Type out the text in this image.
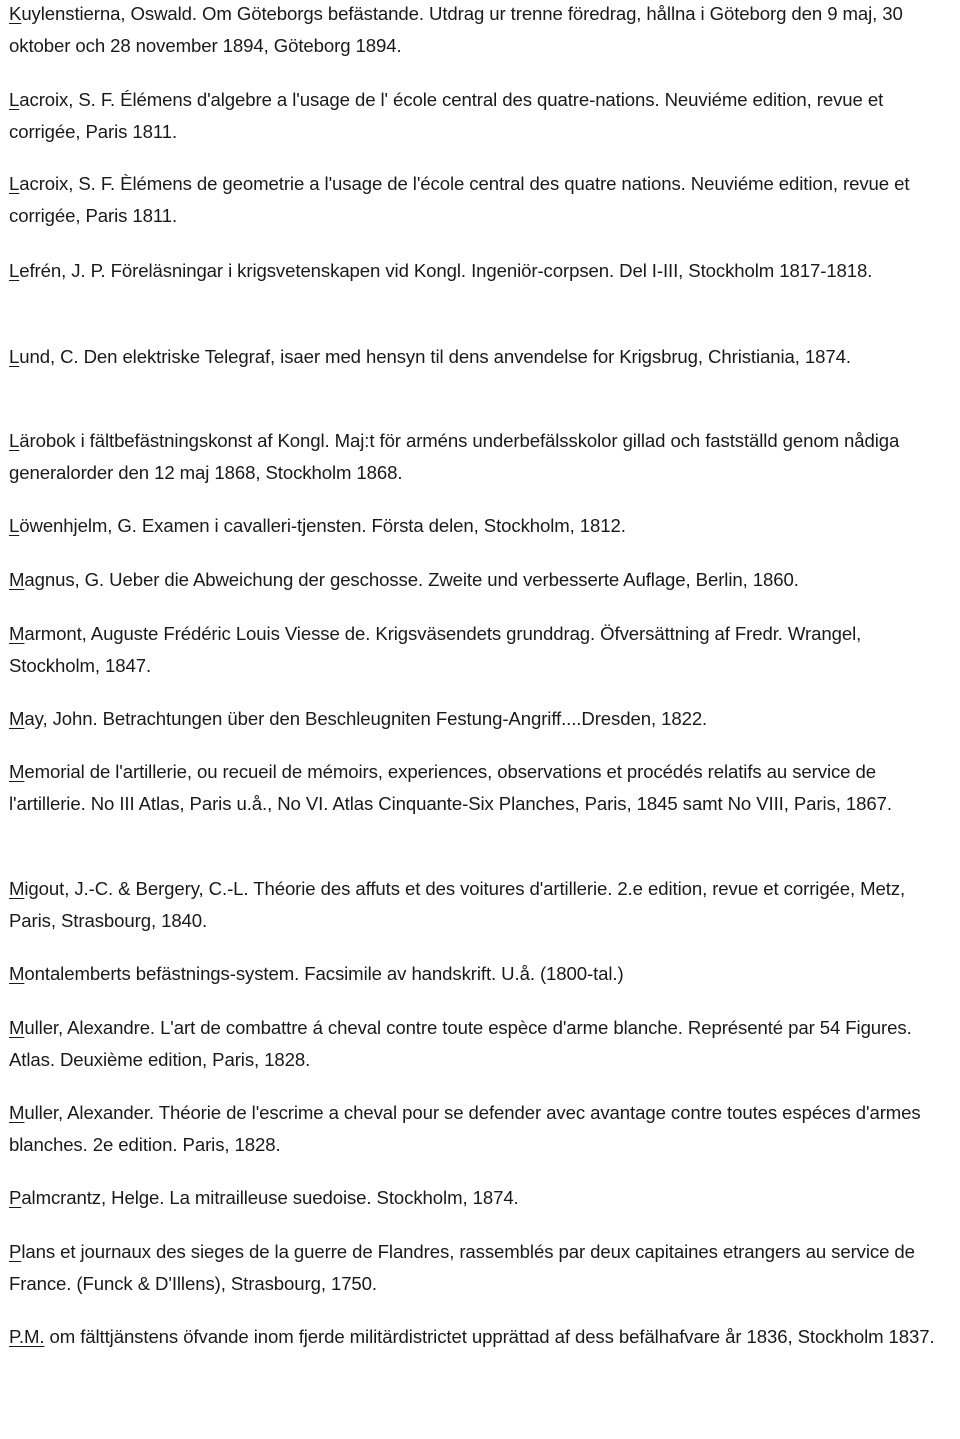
Kuylenstierna, Oswald. Om Göteborgs befästande. Utdrag ur trenne föredrag, hållna i Göteborg den 9 maj, 30 oktober och 28 november 1894, Göteborg 1894.

Lacroix, S. F. Élémens d'algebre a l'usage de l' école central des quatre-nations. Neuviéme edition, revue et corrigée, Paris 1811.

Lacroix, S. F. Èlémens de geometrie a l'usage de l'école central des quatre nations. Neuviéme edition, revue et corrigée, Paris 1811.

Lefrén, J. P. Föreläsningar i krigsvetenskapen vid Kongl. Ingeniör-corpsen. Del I-III, Stockholm 1817-1818.

Lund, C. Den elektriske Telegraf, isaer med hensyn til dens anvendelse for Krigsbrug, Christiania, 1874.

Lärobok i fältbefästningskonst af Kongl. Maj:t för arméns underbefälsskolor gillad och fastställd genom nådiga generalorder den 12 maj 1868, Stockholm 1868.

Löwenhjelm, G. Examen i cavalleri-tjensten. Första delen, Stockholm, 1812.

Magnus, G. Ueber die Abweichung der geschosse. Zweite und verbesserte Auflage, Berlin, 1860.

Marmont, Auguste Frédéric Louis Viesse de. Krigsväsendets grunddrag. Öfversättning af Fredr. Wrangel, Stockholm, 1847.

May, John. Betrachtungen über den Beschleugniten Festung-Angriff....Dresden, 1822.

Memorial de l'artillerie, ou recueil de mémoirs, experiences, observations et procédés relatifs au service de l'artillerie. No III Atlas, Paris u.å., No VI. Atlas Cinquante-Six Planches, Paris, 1845 samt No VIII, Paris, 1867.

Migout, J.-C. & Bergery, C.-L. Théorie des affuts et des voitures d'artillerie. 2.e edition, revue et corrigée, Metz, Paris, Strasbourg, 1840.

Montalemberts befästnings-system. Facsimile av handskrift. U.å. (1800-tal.)

Muller, Alexandre. L'art de combattre á cheval contre toute espèce d'arme blanche. Représenté par 54 Figures. Atlas. Deuxième edition, Paris, 1828.

Muller, Alexander. Théorie de l'escrime a cheval pour se defender avec avantage contre toutes espéces d'armes blanches. 2e edition. Paris, 1828.

Palmcrantz, Helge. La mitrailleuse suedoise. Stockholm, 1874.

Plans et journaux des sieges de la guerre de Flandres, rassemblés par deux capitaines etrangers au service de France. (Funck & D'Illens), Strasbourg, 1750.

P.M. om fälttjänstens öfvande inom fjerde militärdistrictet upprättad af dess befälhafvare år 1836, Stockholm 1837.
